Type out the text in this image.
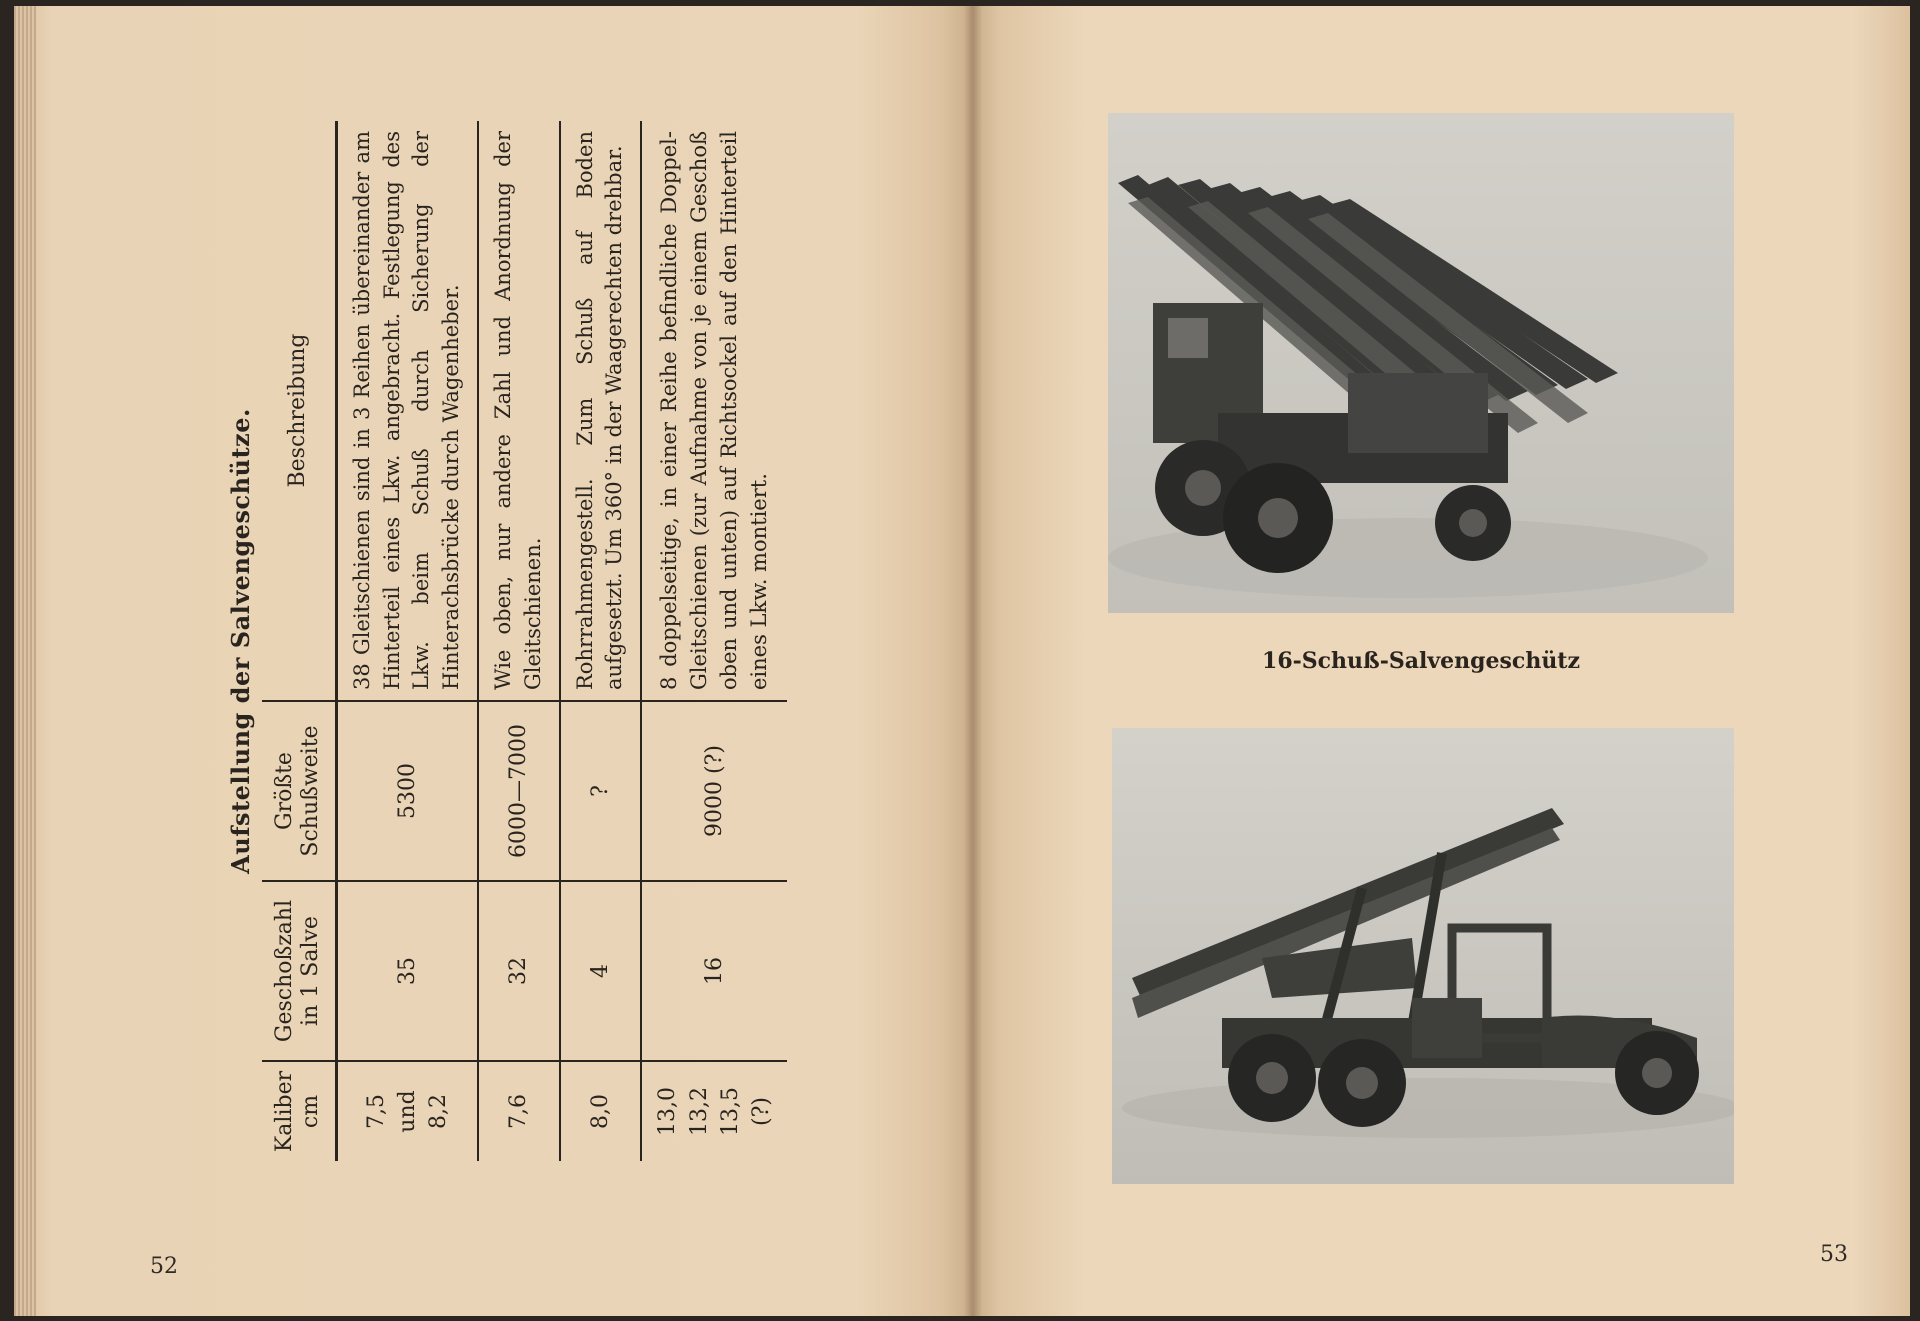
Aufstellung der Salvengeschütze.
Kaliber cm	Geschoßzahl in 1 Salve	Größte Schußweite	Beschreibung

7,5 und 8,2	35	5300	38 Gleitschienen sind in 3 Reihen übereinander am Hinterteil eines Lkw. angebracht. Festlegung des Lkw. beim Schuß durch Sicherung der Hinterachsbrücke durch Wagenheber.

7,6	32	6000—7000	Wie oben, nur andere Zahl und Anordnung der Gleitschienen.

8,0	4	?	Rohrrahmengestell. Zum Schuß auf Boden aufgesetzt. Um 360° in der Waagerechten drehbar.

13,0 13,2 13,5 (?)	16	9000 (?)	8 doppelseitige, in einer Reihe befindliche Doppel-Gleitschienen (zur Aufnahme von je einem Geschoß oben und unten) auf Richtsockel auf den Hinterteil eines Lkw. montiert.
52
16-Schuß-Salvengeschütz
53
